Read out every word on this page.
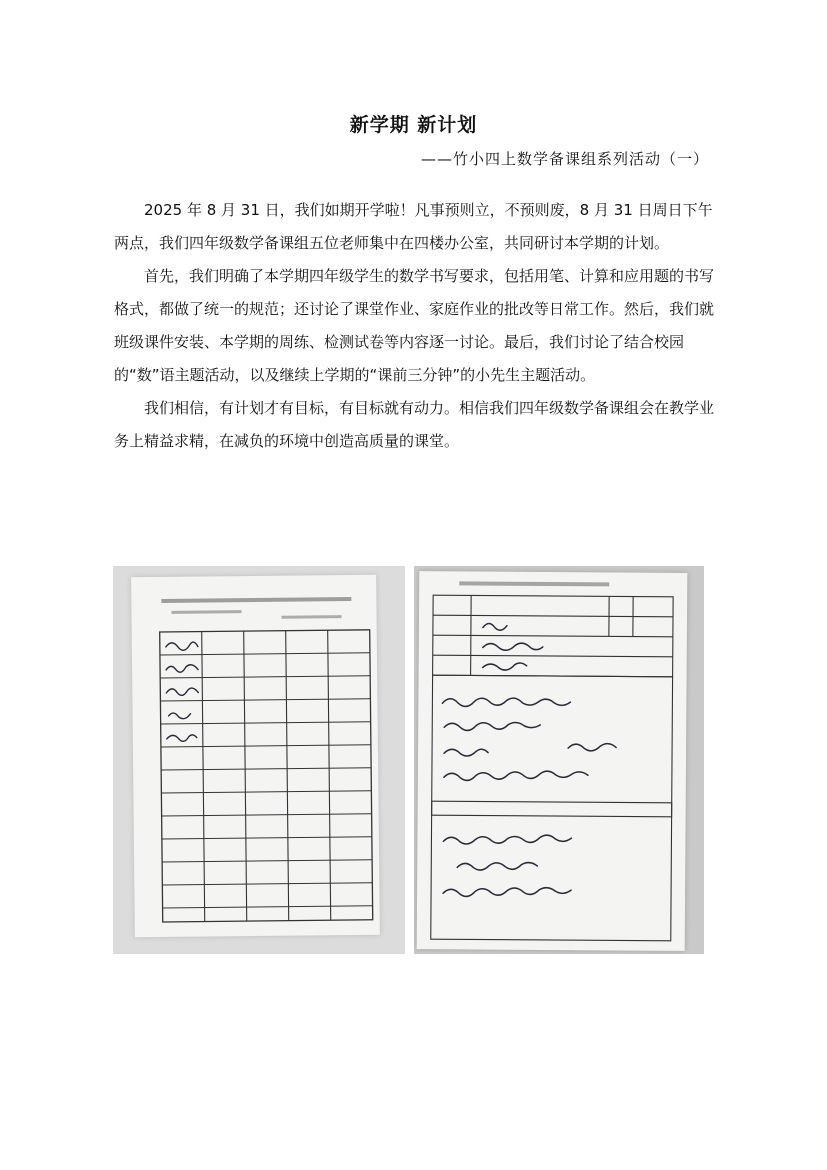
新学期 新计划
——竹小四上数学备课组系列活动（一）

2025 年 8 月 31 日，我们如期开学啦！凡事预则立，不预则废，8 月 31 日周日下午两点，我们四年级数学备课组五位老师集中在四楼办公室，共同研讨本学期的计划。

首先，我们明确了本学期四年级学生的数学书写要求，包括用笔、计算和应用题的书写格式，都做了统一的规范；还讨论了课堂作业、家庭作业的批改等日常工作。然后，我们就班级课件安装、本学期的周练、检测试卷等内容逐一讨论。最后，我们讨论了结合校园的“数”语主题活动，以及继续上学期的“课前三分钟”的小先生主题活动。

我们相信，有计划才有目标，有目标就有动力。相信我们四年级数学备课组会在教学业务上精益求精，在减负的环境中创造高质量的课堂。
